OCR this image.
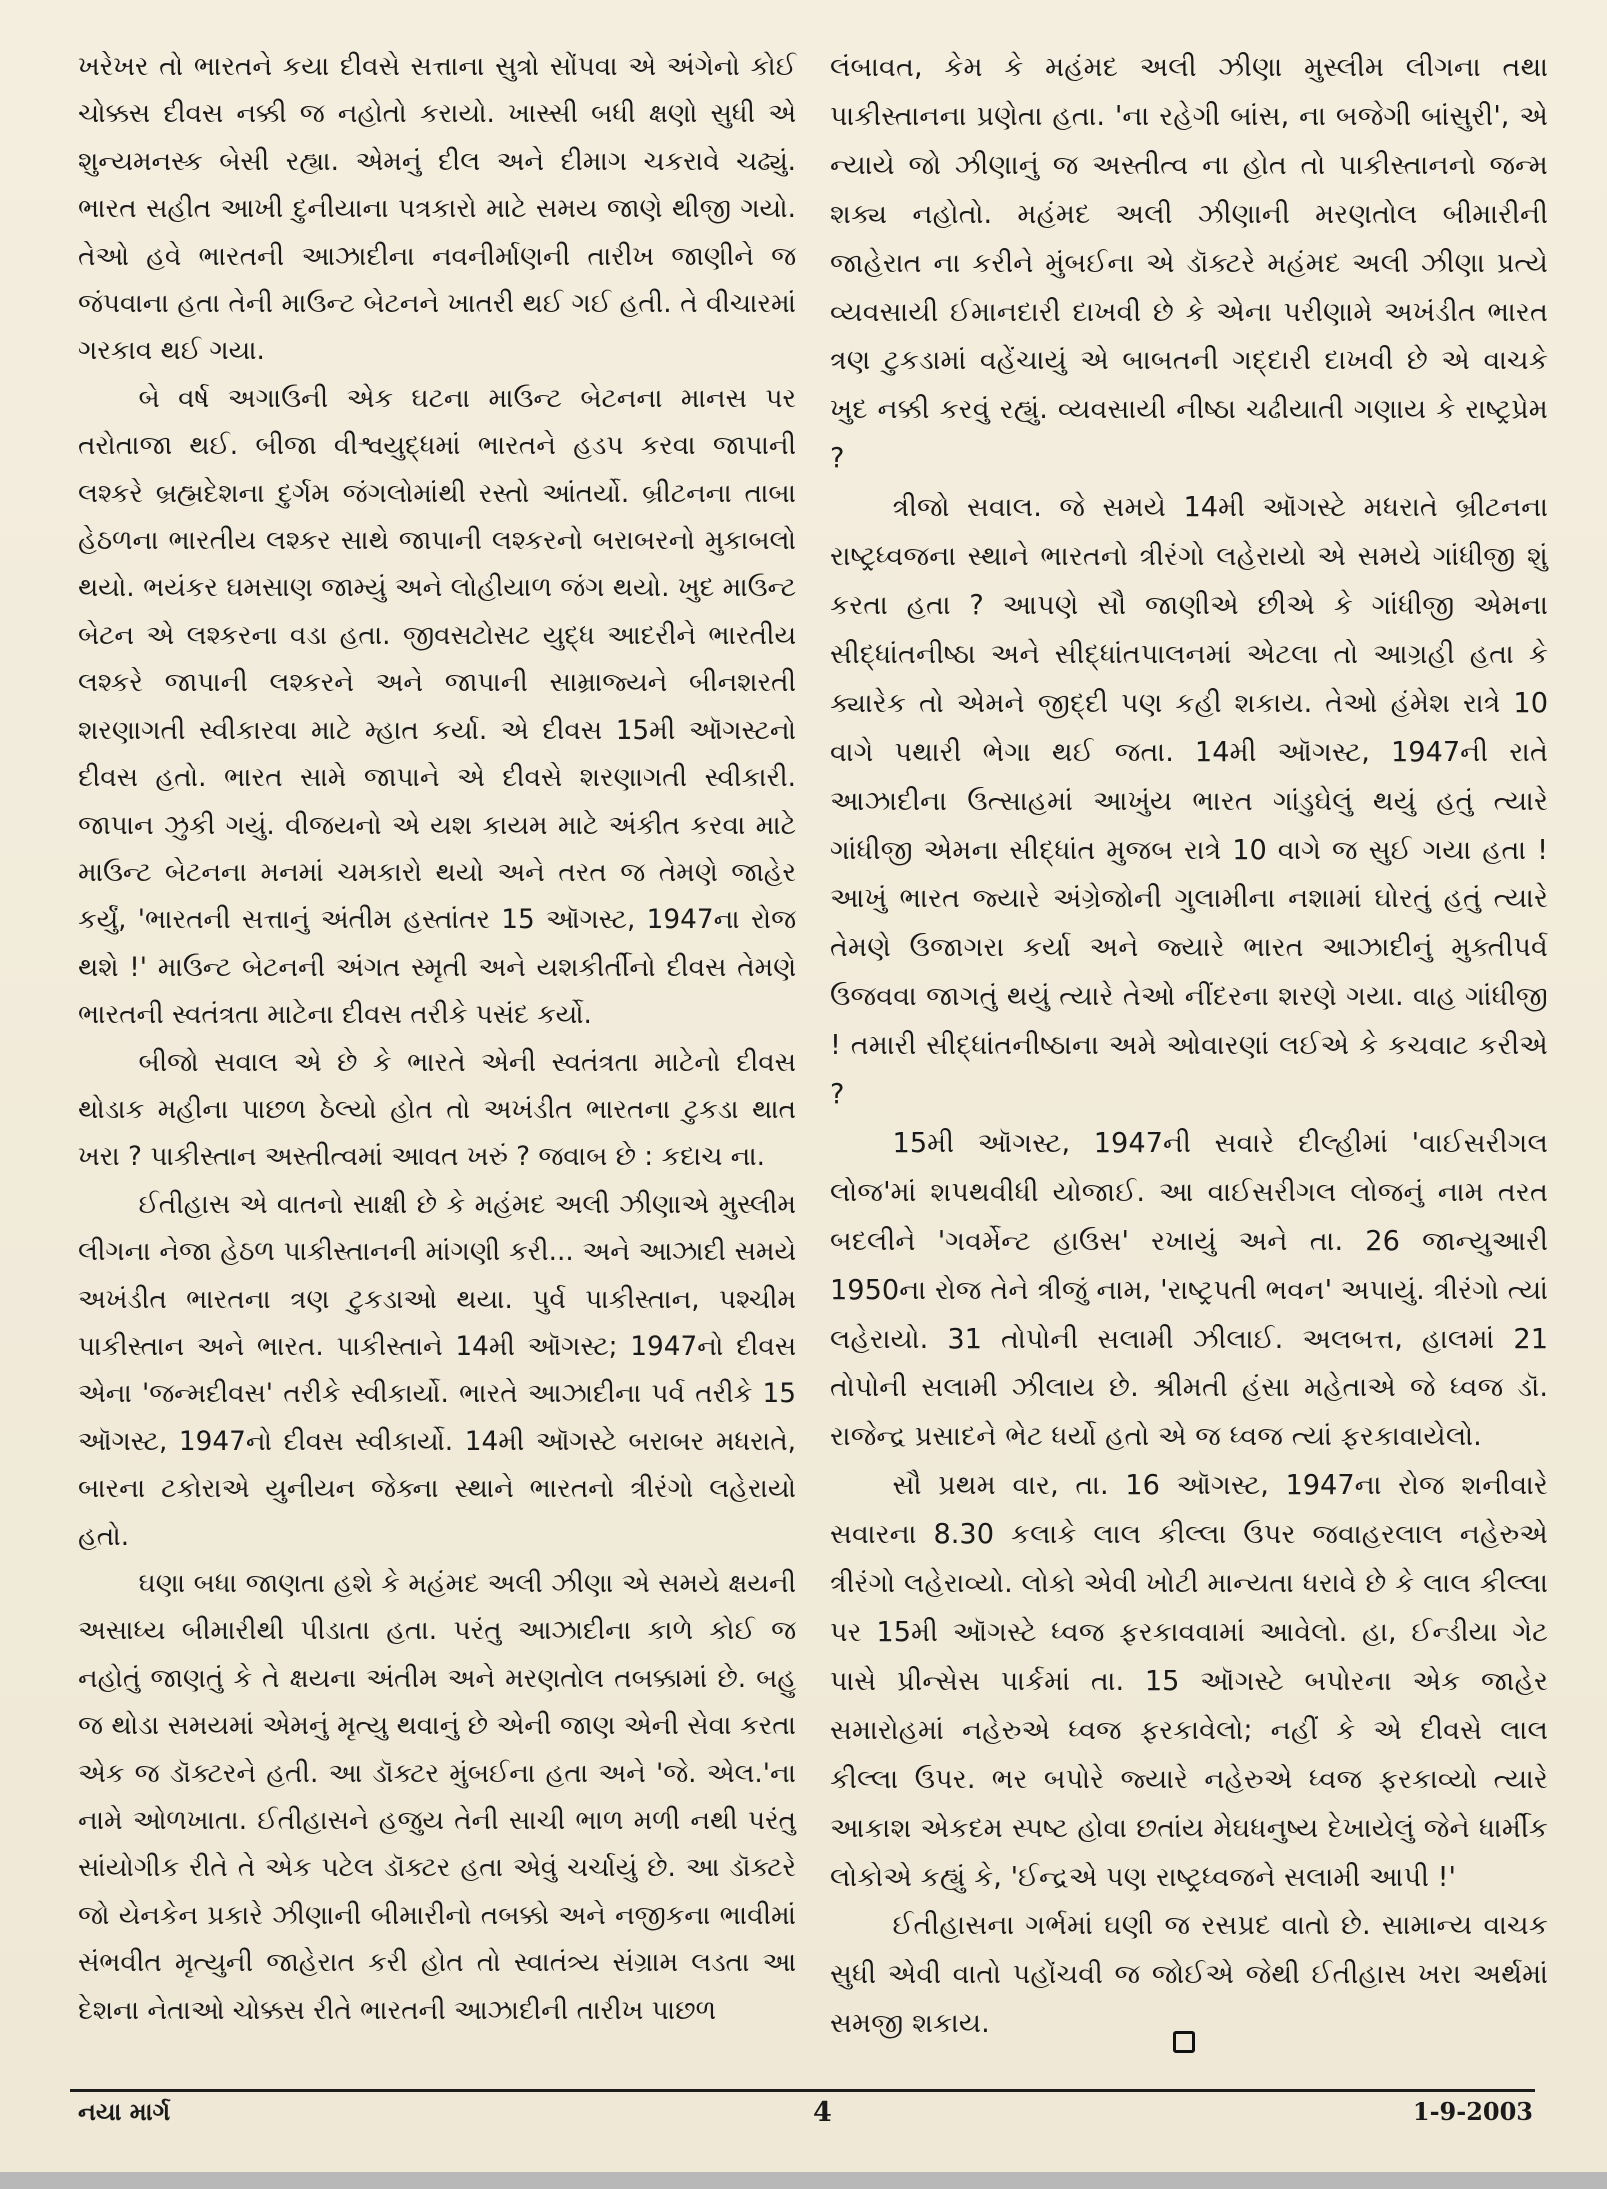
ખરેખર તો ભારતને કયા દીવસે સત્તાના સુત્રો સોંપવા એ અંગેનો કોઈ ચોક્કસ દીવસ નક્કી જ નહોતો કરાયો. ખાસ્સી બધી ક્ષણો સુધી એ શુન્યમનસ્ક બેસી રહ્યા. એમનું દીલ અને દીમાગ ચકરાવે ચઢ્યું. ભારત સહીત આખી દુનીયાના પત્રકારો માટે સમય જાણે થીજી ગયો. તેઓ હવે ભારતની આઝાદીના નવનીર્માણની તારીખ જાણીને જ જંપવાના હતા તેની માઉન્ટ બેટનને ખાતરી થઈ ગઈ હતી. તે વીચારમાં ગરકાવ થઈ ગયા.

બે વર્ષ અગાઉની એક ઘટના માઉન્ટ બેટનના માનસ પર તરોતાજા થઈ. બીજા વીશ્વયુદ્ધમાં ભારતને હડપ કરવા જાપાની લશ્કરે બ્રહ્મદેશના દુર્ગમ જંગલોમાંથી રસ્તો આંતર્યો. બ્રીટનના તાબા હેઠળના ભારતીય લશ્કર સાથે જાપાની લશ્કરનો બરાબરનો મુકાબલો થયો. ભયંકર ઘમસાણ જામ્યું અને લોહીયાળ જંગ થયો. ખુદ માઉન્ટ બેટન એ લશ્કરના વડા હતા. જીવસટોસટ યુદ્ધ આદરીને ભારતીય લશ્કરે જાપાની લશ્કરને અને જાપાની સામ્રાજ્યને બીનશરતી શરણાગતી સ્વીકારવા માટે મ્હાત કર્યા. એ દીવસ 15મી ઑગસ્ટનો દીવસ હતો. ભારત સામે જાપાને એ દીવસે શરણાગતી સ્વીકારી. જાપાન ઝુકી ગયું. વીજયનો એ યશ કાયમ માટે અંકીત કરવા માટે માઉન્ટ બેટનના મનમાં ચમકારો થયો અને તરત જ તેમણે જાહેર કર્યું, 'ભારતની સત્તાનું અંતીમ હસ્તાંતર 15 ઑગસ્ટ, 1947ના રોજ થશે !' માઉન્ટ બેટનની અંગત સ્મૃતી અને યશકીર્તીનો દીવસ તેમણે ભારતની સ્વતંત્રતા માટેના દીવસ તરીકે પસંદ કર્યો.

બીજો સવાલ એ છે કે ભારતે એની સ્વતંત્રતા માટેનો દીવસ થોડાક મહીના પાછળ ઠેલ્યો હોત તો અખંડીત ભારતના ટુકડા થાત ખરા ? પાકીસ્તાન અસ્તીત્વમાં આવત ખરું ? જવાબ છે : કદાચ ના.

ઈતીહાસ એ વાતનો સાક્ષી છે કે મહંમદ અલી ઝીણાએ મુસ્લીમ લીગના નેજા હેઠળ પાકીસ્તાનની માંગણી કરી... અને આઝાદી સમયે અખંડીત ભારતના ત્રણ ટુકડાઓ થયા. પુર્વ પાકીસ્તાન, પશ્ચીમ પાકીસ્તાન અને ભારત. પાકીસ્તાને 14મી ઑગસ્ટ; 1947નો દીવસ એના 'જન્મદીવસ' તરીકે સ્વીકાર્યો. ભારતે આઝાદીના પર્વ તરીકે 15 ઑગસ્ટ, 1947નો દીવસ સ્વીકાર્યો. 14મી ઑગસ્ટે બરાબર મધરાતે, બારના ટકોરાએ યુનીયન જેક્ના સ્થાને ભારતનો ત્રીરંગો લહેરાયો હતો.

ઘણા બધા જાણતા હશે કે મહંમદ અલી ઝીણા એ સમયે ક્ષયની અસાધ્ય બીમારીથી પીડાતા હતા. પરંતુ આઝાદીના કાળે કોઈ જ નહોતું જાણતું કે તે ક્ષયના અંતીમ અને મરણતોલ તબક્કામાં છે. બહુ જ થોડા સમયમાં એમનું મૃત્યુ થવાનું છે એની જાણ એની સેવા કરતા એક જ ડૉક્ટરને હતી. આ ડૉક્ટર મુંબઈના હતા અને 'જે. એલ.'ના નામે ઓળખાતા. ઈતીહાસને હજુય તેની સાચી ભાળ મળી નથી પરંતુ સાંયોગીક રીતે તે એક પટેલ ડૉક્ટર હતા એવું ચર્ચાયું છે. આ ડૉક્ટરે જો યેનકેન પ્રકારે ઝીણાની બીમારીનો તબક્કો અને નજીકના ભાવીમાં સંભવીત મૃત્યુની જાહેરાત કરી હોત તો સ્વાતંત્ર્ય સંગ્રામ લડતા આ દેશના નેતાઓ ચોક્કસ રીતે ભારતની આઝાદીની તારીખ પાછળ

લંબાવત, કેમ કે મહંમદ અલી ઝીણા મુસ્લીમ લીગના તથા પાકીસ્તાનના પ્રણેતા હતા. 'ના રહેગી બાંસ, ના બજેગી બાંસુરી', એ ન્યાયે જો ઝીણાનું જ અસ્તીત્વ ના હોત તો પાકીસ્તાનનો જન્મ શક્ય નહોતો. મહંમદ અલી ઝીણાની મરણતોલ બીમારીની જાહેરાત ના કરીને મુંબઈના એ ડૉક્ટરે મહંમદ અલી ઝીણા પ્રત્યે વ્યવસાયી ઈમાનદારી દાખવી છે કે એના પરીણામે અખંડીત ભારત ત્રણ ટુકડામાં વહેંચાયું એ બાબતની ગદ્દારી દાખવી છે એ વાચકે ખુદ નક્કી કરવું રહ્યું. વ્યવસાયી નીષ્ઠા ચઢીયાતી ગણાય કે રાષ્ટ્રપ્રેમ ?

ત્રીજો સવાલ. જે સમયે 14મી ઑગસ્ટે મધરાતે બ્રીટનના રાષ્ટ્રધ્વજના સ્થાને ભારતનો ત્રીરંગો લહેરાયો એ સમયે ગાંધીજી શું કરતા હતા ? આપણે સૌ જાણીએ છીએ કે ગાંધીજી એમના સીદ્ધાંતનીષ્ઠા અને સીદ્ધાંતપાલનમાં એટલા તો આગ્રહી હતા કે ક્યારેક તો એમને જીદ્દી પણ કહી શકાય. તેઓ હંમેશ રાત્રે 10 વાગે પથારી ભેગા થઈ જતા. 14મી ઑગસ્ટ, 1947ની રાતે આઝાદીના ઉત્સાહમાં આખુંય ભારત ગાંડુઘેલું થયું હતું ત્યારે ગાંધીજી એમના સીદ્ધાંત મુજબ રાત્રે 10 વાગે જ સુઈ ગયા હતા ! આખું ભારત જ્યારે અંગ્રેજોની ગુલામીના નશામાં ઘોરતું હતું ત્યારે તેમણે ઉજાગરા કર્યા અને જ્યારે ભારત આઝાદીનું મુક્તીપર્વ ઉજવવા જાગતું થયું ત્યારે તેઓ નીંદરના શરણે ગયા. વાહ ગાંધીજી ! તમારી સીદ્ધાંતનીષ્ઠાના અમે ઓવારણાં લઈએ કે કચવાટ કરીએ ?

15મી ઑગસ્ટ, 1947ની સવારે દીલ્હીમાં 'વાઈસરીગલ લોજ'માં શપથવીધી યોજાઈ. આ વાઈસરીગલ લોજનું નામ તરત બદલીને 'ગવર્મેન્ટ હાઉસ' રખાયું અને તા. 26 જાન્યુઆરી 1950ના રોજ તેને ત્રીજું નામ, 'રાષ્ટ્રપતી ભવન' અપાયું. ત્રીરંગો ત્યાં લહેરાયો. 31 તોપોની સલામી ઝીલાઈ. અલબત્ત, હાલમાં 21 તોપોની સલામી ઝીલાય છે. શ્રીમતી હંસા મહેતાએ જે ધ્વજ ડૉ. રાજેન્દ્ર પ્રસાદને ભેટ ધર્યો હતો એ જ ધ્વજ ત્યાં ફરકાવાયેલો.

સૌ પ્રથમ વાર, તા. 16 ઑગસ્ટ, 1947ના રોજ શનીવારે સવારના 8.30 કલાકે લાલ કીલ્લા ઉપર જવાહરલાલ નહેરુએ ત્રીરંગો લહેરાવ્યો. લોકો એવી ખોટી માન્યતા ધરાવે છે કે લાલ કીલ્લા પર 15મી ઑગસ્ટે ધ્વજ ફરકાવવામાં આવેલો. હા, ઈન્ડીયા ગેટ પાસે પ્રીન્સેસ પાર્કમાં તા. 15 ઑગસ્ટે બપોરના એક જાહેર સમારોહમાં નહેરુએ ધ્વજ ફરકાવેલો; નહીં કે એ દીવસે લાલ કીલ્લા ઉપર. ભર બપોરે જ્યારે નહેરુએ ધ્વજ ફરકાવ્યો ત્યારે આકાશ એકદમ સ્પષ્ટ હોવા છતાંય મેઘધનુષ્ય દેખાયેલું જેને ધાર્મીક લોકોએ કહ્યું કે, 'ઈન્દ્રએ પણ રાષ્ટ્રધ્વજને સલામી આપી !'

ઈતીહાસના ગર્ભમાં ઘણી જ રસપ્રદ વાતો છે. સામાન્ય વાચક સુધી એવી વાતો પહોંચવી જ જોઈએ જેથી ઈતીહાસ ખરા અર્થમાં સમજી શકાય.

નયા માર્ગ	4	1-9-2003
